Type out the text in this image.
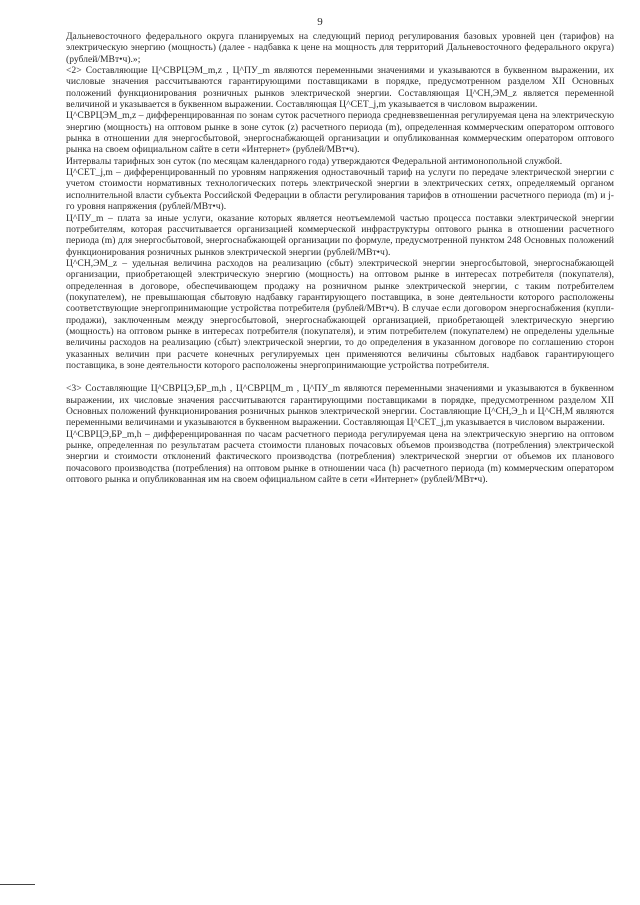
9

Дальневосточного федерального округа планируемых на следующий период регулирования базовых уровней цен (тарифов) на электрическую энергию (мощность) (далее - надбавка к цене на мощность для территорий Дальневосточного федерального округа) (рублей/МВт•ч).»;

<2> Составляющие Ц^СВРЦЭМ_m,z , Ц^ПУ_m являются переменными значениями и указываются в буквенном выражении, их числовые значения рассчитываются гарантирующими поставщиками в порядке, предусмотренном разделом XII Основных положений функционирования розничных рынков электрической энергии. Составляющая Ц^СН,ЭМ_z является переменной величиной и указывается в буквенном выражении. Составляющая Ц^СЕТ_j,m указывается в числовом выражении.

Ц^СВРЦЭМ_m,z – дифференцированная по зонам суток расчетного периода средневзвешенная регулируемая цена на электрическую энергию (мощность) на оптовом рынке в зоне суток (z) расчетного периода (m), определенная коммерческим оператором оптового рынка в отношении для энергосбытовой, энергоснабжающей организации и опубликованная коммерческим оператором оптового рынка на своем официальном сайте в сети «Интернет» (рублей/МВт•ч).

Интервалы тарифных зон суток (по месяцам календарного года) утверждаются Федеральной антимонопольной службой.

Ц^СЕТ_j,m – дифференцированный по уровням напряжения одноставочный тариф на услуги по передаче электрической энергии с учетом стоимости нормативных технологических потерь электрической энергии в электрических сетях, определяемый органом исполнительной власти субъекта Российской Федерации в области регулирования тарифов в отношении расчетного периода (m) и j-го уровня напряжения (рублей/МВт•ч).

Ц^ПУ_m – плата за иные услуги, оказание которых является неотъемлемой частью процесса поставки электрической энергии потребителям, которая рассчитывается организацией коммерческой инфраструктуры оптового рынка в отношении расчетного периода (m) для энергосбытовой, энергоснабжающей организации по формуле, предусмотренной пунктом 248 Основных положений функционирования розничных рынков электрической энергии (рублей/МВт•ч).

Ц^СН,ЭМ_z – удельная величина расходов на реализацию (сбыт) электрической энергии энергосбытовой, энергоснабжающей организации, приобретающей электрическую энергию (мощность) на оптовом рынке в интересах потребителя (покупателя), определенная в договоре, обеспечивающем продажу на розничном рынке электрической энергии, с таким потребителем (покупателем), не превышающая сбытовую надбавку гарантирующего поставщика, в зоне деятельности которого расположены соответствующие энергопринимающие устройства потребителя (рублей/МВт•ч). В случае если договором энергоснабжения (купли-продажи), заключенным между энергосбытовой, энергоснабжающей организацией, приобретающей электрическую энергию (мощность) на оптовом рынке в интересах потребителя (покупателя), и этим потребителем (покупателем) не определены удельные величины расходов на реализацию (сбыт) электрической энергии, то до определения в указанном договоре по соглашению сторон указанных величин при расчете конечных регулируемых цен применяются величины сбытовых надбавок гарантирующего поставщика, в зоне деятельности которого расположены энергопринимающие устройства потребителя.

<3> Составляющие Ц^СВРЦЭ,БР_m,h , Ц^СВРЦМ_m , Ц^ПУ_m являются переменными значениями и указываются в буквенном выражении, их числовые значения рассчитываются гарантирующими поставщиками в порядке, предусмотренном разделом XII Основных положений функционирования розничных рынков электрической энергии. Составляющие Ц^СН,Э_h и Ц^СН,М являются переменными величинами и указываются в буквенном выражении. Составляющая Ц^СЕТ_j,m указывается в числовом выражении.

Ц^СВРЦЭ,БР_m,h – дифференцированная по часам расчетного периода регулируемая цена на электрическую энергию на оптовом рынке, определенная по результатам расчета стоимости плановых почасовых объемов производства (потребления) электрической энергии и стоимости отклонений фактического производства (потребления) электрической энергии от объемов их планового почасового производства (потребления) на оптовом рынке в отношении часа (h) расчетного периода (m) коммерческим оператором оптового рынка и опубликованная им на своем официальном сайте в сети «Интернет» (рублей/МВт•ч).
